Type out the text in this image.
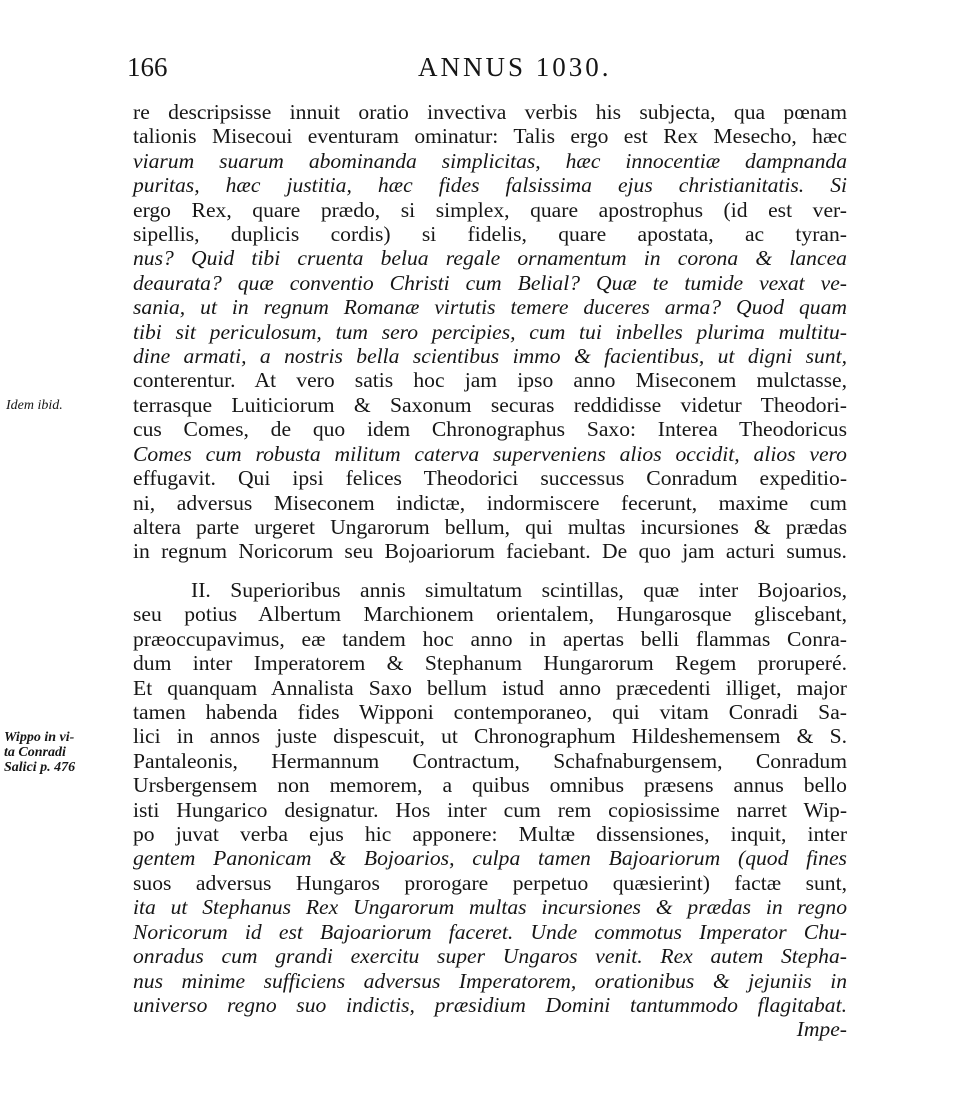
166	ANNUS 1030.
Idem ibid.
Wippo in vi-
ta Conradi
Salici p. 476
re descripsisse innuit oratio invectiva verbis his subjecta, qua pœnam
talionis Misecoui eventuram ominatur: Talis ergo est Rex Mesecho, hæc
viarum suarum abominanda simplicitas, hæc innocentiæ dampnanda
puritas, hæc justitia, hæc fides falsissima ejus christianitatis. Si
ergo Rex, quare prædo, si simplex, quare apostrophus (id est ver-
sipellis, duplicis cordis) si fidelis, quare apostata, ac tyran-
nus? Quid tibi cruenta belua regale ornamentum in corona & lancea
deaurata? quæ conventio Christi cum Belial? Quæ te tumide vexat ve-
sania, ut in regnum Romanæ virtutis temere duceres arma? Quod quam
tibi sit periculosum, tum sero percipies, cum tui inbelles plurima multitu-
dine armati, a nostris bella scientibus immo & facientibus, ut digni sunt,
conterentur. At vero satis hoc jam ipso anno Miseconem mulctasse,
terrasque Luiticiorum & Saxonum securas reddidisse videtur Theodori-
cus Comes, de quo idem Chronographus Saxo: Interea Theodoricus
Comes cum robusta militum caterva superveniens alios occidit, alios vero
effugavit. Qui ipsi felices Theodorici successus Conradum expeditio-
ni, adversus Miseconem indictæ, indormiscere fecerunt, maxime cum
altera parte urgeret Ungarorum bellum, qui multas incursiones & prædas
in regnum Noricorum seu Bojoariorum faciebant. De quo jam acturi sumus.
II. Superioribus annis simultatum scintillas, quæ inter Bojoarios,
seu potius Albertum Marchionem orientalem, Hungarosque gliscebant,
præoccupavimus, eæ tandem hoc anno in apertas belli flammas Conra-
dum inter Imperatorem & Stephanum Hungarorum Regem proruperé.
Et quanquam Annalista Saxo bellum istud anno præcedenti illiget, major
tamen habenda fides Wipponi contemporaneo, qui vitam Conradi Sa-
lici in annos juste dispescuit, ut Chronographum Hildeshemensem & S.
Pantaleonis, Hermannum Contractum, Schafnaburgensem, Conradum
Ursbergensem non memorem, a quibus omnibus præsens annus bello
isti Hungarico designatur. Hos inter cum rem copiosissime narret Wip-
po juvat verba ejus hic apponere: Multæ dissensiones, inquit, inter
gentem Panonicam & Bojoarios, culpa tamen Bajoariorum (quod fines
suos adversus Hungaros prorogare perpetuo quæsierint) factæ sunt,
ita ut Stephanus Rex Ungarorum multas incursiones & prædas in regno
Noricorum id est Bajoariorum faceret. Unde commotus Imperator Chu-
onradus cum grandi exercitu super Ungaros venit. Rex autem Stepha-
nus minime sufficiens adversus Imperatorem, orationibus & jejuniis in
universo regno suo indictis, præsidium Domini tantummodo flagitabat.
Impe-
